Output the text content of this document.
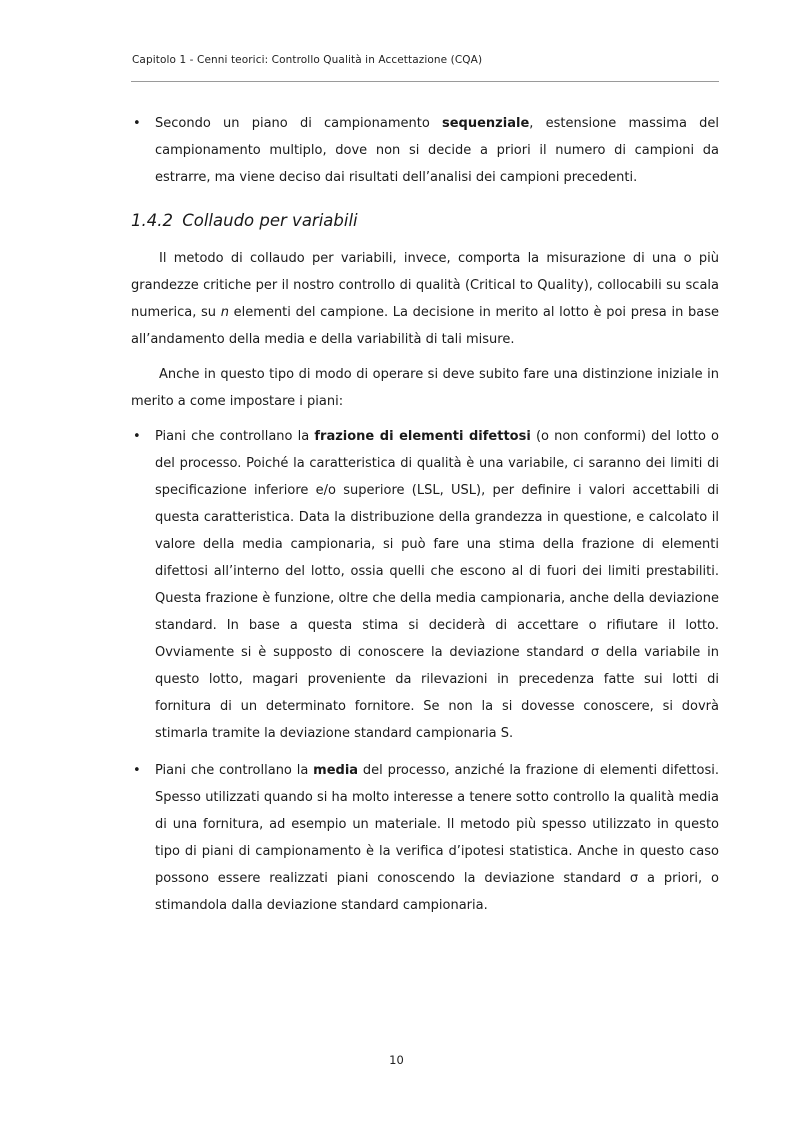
Capitolo 1 - Cenni teorici: Controllo Qualità in Accettazione (CQA)
• Secondo un piano di campionamento sequenziale, estensione massima del campionamento multiplo, dove non si decide a priori il numero di campioni da estrarre, ma viene deciso dai risultati dell’analisi dei campioni precedenti.
1.4.2 Collaudo per variabili

Il metodo di collaudo per variabili, invece, comporta la misurazione di una o più grandezze critiche per il nostro controllo di qualità (Critical to Quality), collocabili su scala numerica, su n elementi del campione. La decisione in merito al lotto è poi presa in base all’andamento della media e della variabilità di tali misure.

Anche in questo tipo di modo di operare si deve subito fare una distinzione iniziale in merito a come impostare i piani:

• Piani che controllano la frazione di elementi difettosi (o non conformi) del lotto o del processo. Poiché la caratteristica di qualità è una variabile, ci saranno dei limiti di specificazione inferiore e/o superiore (LSL, USL), per definire i valori accettabili di questa caratteristica. Data la distribuzione della grandezza in questione, e calcolato il valore della media campionaria, si può fare una stima della frazione di elementi difettosi all’interno del lotto, ossia quelli che escono al di fuori dei limiti prestabiliti. Questa frazione è funzione, oltre che della media campionaria, anche della deviazione standard. In base a questa stima si deciderà di accettare o rifiutare il lotto. Ovviamente si è supposto di conoscere la deviazione standard σ della variabile in questo lotto, magari proveniente da rilevazioni in precedenza fatte sui lotti di fornitura di un determinato fornitore. Se non la si dovesse conoscere, si dovrà stimarla tramite la deviazione standard campionaria S.
• Piani che controllano la media del processo, anziché la frazione di elementi difettosi. Spesso utilizzati quando si ha molto interesse a tenere sotto controllo la qualità media di una fornitura, ad esempio un materiale. Il metodo più spesso utilizzato in questo tipo di piani di campionamento è la verifica d’ipotesi statistica. Anche in questo caso possono essere realizzati piani conoscendo la deviazione standard σ a priori, o stimandola dalla deviazione standard campionaria.
10
